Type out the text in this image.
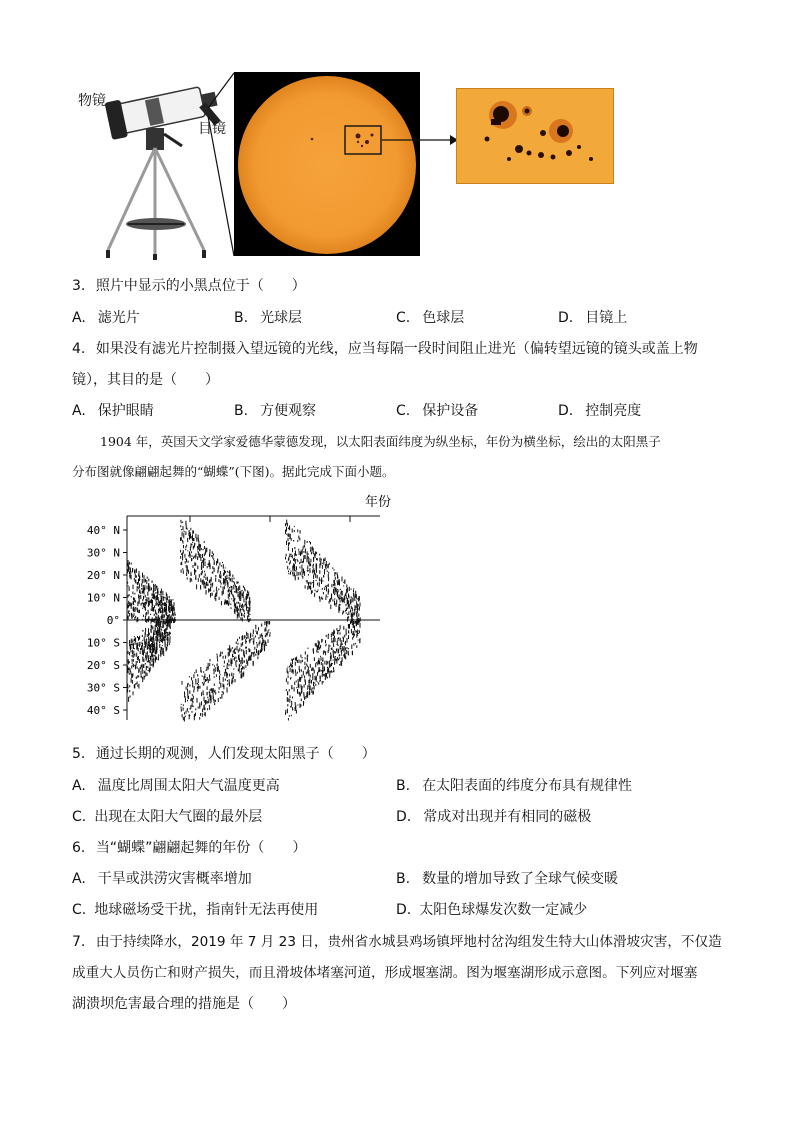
物镜
目镜
3. 照片中显示的小黑点位于（　　）
A. 滤光片	B. 光球层	C. 色球层	D. 目镜上
4. 如果没有滤光片控制摄入望远镜的光线，应当每隔一段时间阻止进光（偏转望远镜的镜头或盖上物
镜），其目的是（　　）
A. 保护眼睛	B. 方便观察	C. 保护设备	D. 控制亮度
1904 年，英国天文学家爱德华蒙德发现，以太阳表面纬度为纵坐标，年份为横坐标，绘出的太阳黑子
分布图就像翩翩起舞的“蝴蝶”(下图)。据此完成下面小题。
年份
40° N
30° N
20° N
10° N
0°
10° S
20° S
30° S
40° S
5. 通过长期的观测，人们发现太阳黑子（　　）
A. 温度比周围太阳大气温度更高	B. 在太阳表面的纬度分布具有规律性
C. 出现在太阳大气圈的最外层	D. 常成对出现并有相同的磁极
6. 当“蝴蝶”翩翩起舞的年份（　　）
A. 干旱或洪涝灾害概率增加	B. 数量的增加导致了全球气候变暖
C. 地球磁场受干扰，指南针无法再使用	D. 太阳色球爆发次数一定减少
7. 由于持续降水，2019 年 7 月 23 日，贵州省水城县鸡场镇坪地村岔沟组发生特大山体滑坡灾害，不仅造
成重大人员伤亡和财产损失，而且滑坡体堵塞河道，形成堰塞湖。图为堰塞湖形成示意图。下列应对堰塞
湖溃坝危害最合理的措施是（　　）
